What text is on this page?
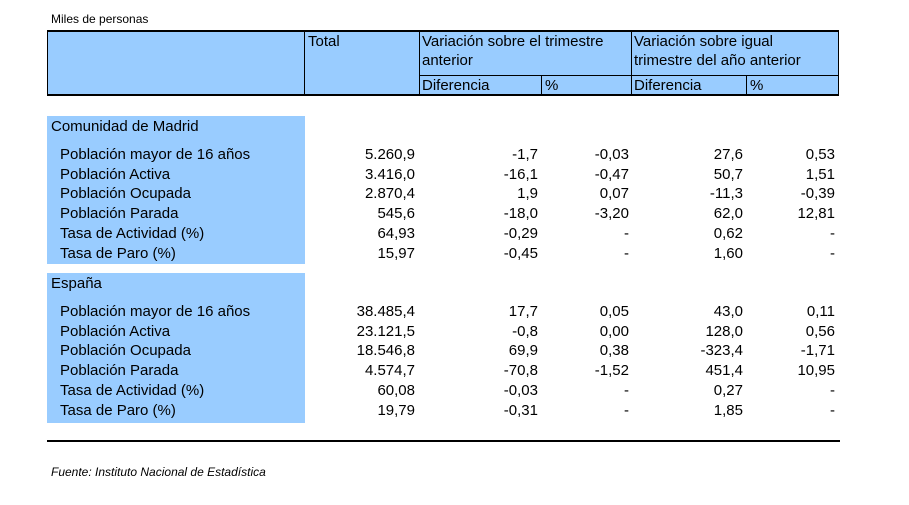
Miles de personas
Total	Variación sobre el trimestre
anterior
Variación sobre igual
trimestre del año anterior
Diferencia	%	Diferencia	%
Comunidad de Madrid
Población mayor de 16 años	5.260,9	-1,7	-0,03	27,6	0,53
Población Activa	3.416,0	-16,1	-0,47	50,7	1,51
Población Ocupada	2.870,4	1,9	0,07	-11,3	-0,39
Población Parada	545,6	-18,0	-3,20	62,0	12,81
Tasa de Actividad (%)	64,93	-0,29	-	0,62	-
Tasa de Paro (%)	15,97	-0,45	-	1,60	-
España
Población mayor de 16 años	38.485,4	17,7	0,05	43,0	0,11
Población Activa	23.121,5	-0,8	0,00	128,0	0,56
Población Ocupada	18.546,8	69,9	0,38	-323,4	-1,71
Población Parada	4.574,7	-70,8	-1,52	451,4	10,95
Tasa de Actividad (%)	60,08	-0,03	-	0,27	-
Tasa de Paro (%)	19,79	-0,31	-	1,85	-
Fuente: Instituto Nacional de Estadística
